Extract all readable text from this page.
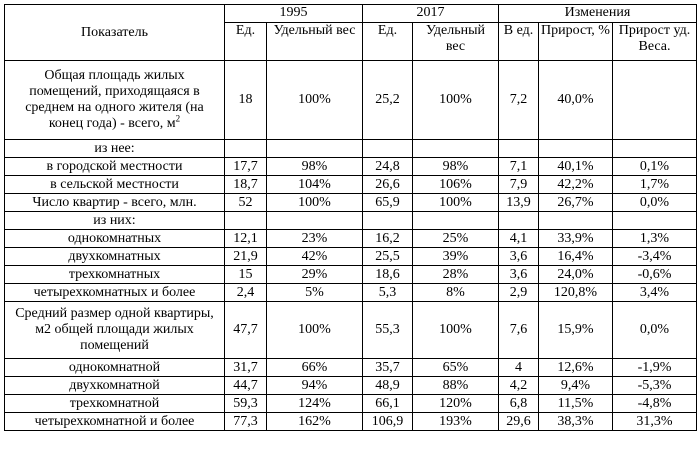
Показатель	1995		2017		Изменения		
	Ед.	Удельный вес	Ед.	Удельный вес	В ед.	Прирост, %	Прирост уд. Веса.
Общая площадь жилых помещений, приходящаяся в среднем на одного жителя (на конец года) - всего, $м^2$	18	100%	25,2	100%	7,2	40,0%	
из нее:							
в городской местности	17,7	98%	24,8	98%	7,1	40,1%	0,1%
в сельской местности	18,7	104%	26,6	106%	7,9	42,2%	1,7%
Число квартир - всего, млн.	52	100%	65,9	100%	13,9	26,7%	0,0%
из них:							
однокомнатных	12,1	23%	16,2	25%	4,1	33,9%	1,3%
двухкомнатных	21,9	42%	25,5	39%	3,6	16,4%	-3,4%
трехкомнатных	15	29%	18,6	28%	3,6	24,0%	-0,6%
четырехкомнатных и более	2,4	5%	5,3	8%	2,9	120,8%	3,4%
Средний размер одной квартиры, м2 общей площади жилых помещений	47,7	100%	55,3	100%	7,6	15,9%	0,0%
однокомнатной	31,7	66%	35,7	65%	4	12,6%	-1,9%
двухкомнатной	44,7	94%	48,9	88%	4,2	9,4%	-5,3%
трехкомнатной	59,3	124%	66,1	120%	6,8	11,5%	-4,8%
четырехкомнатной и более	77,3	162%	106,9	193%	29,6	38,3%	31,3%
